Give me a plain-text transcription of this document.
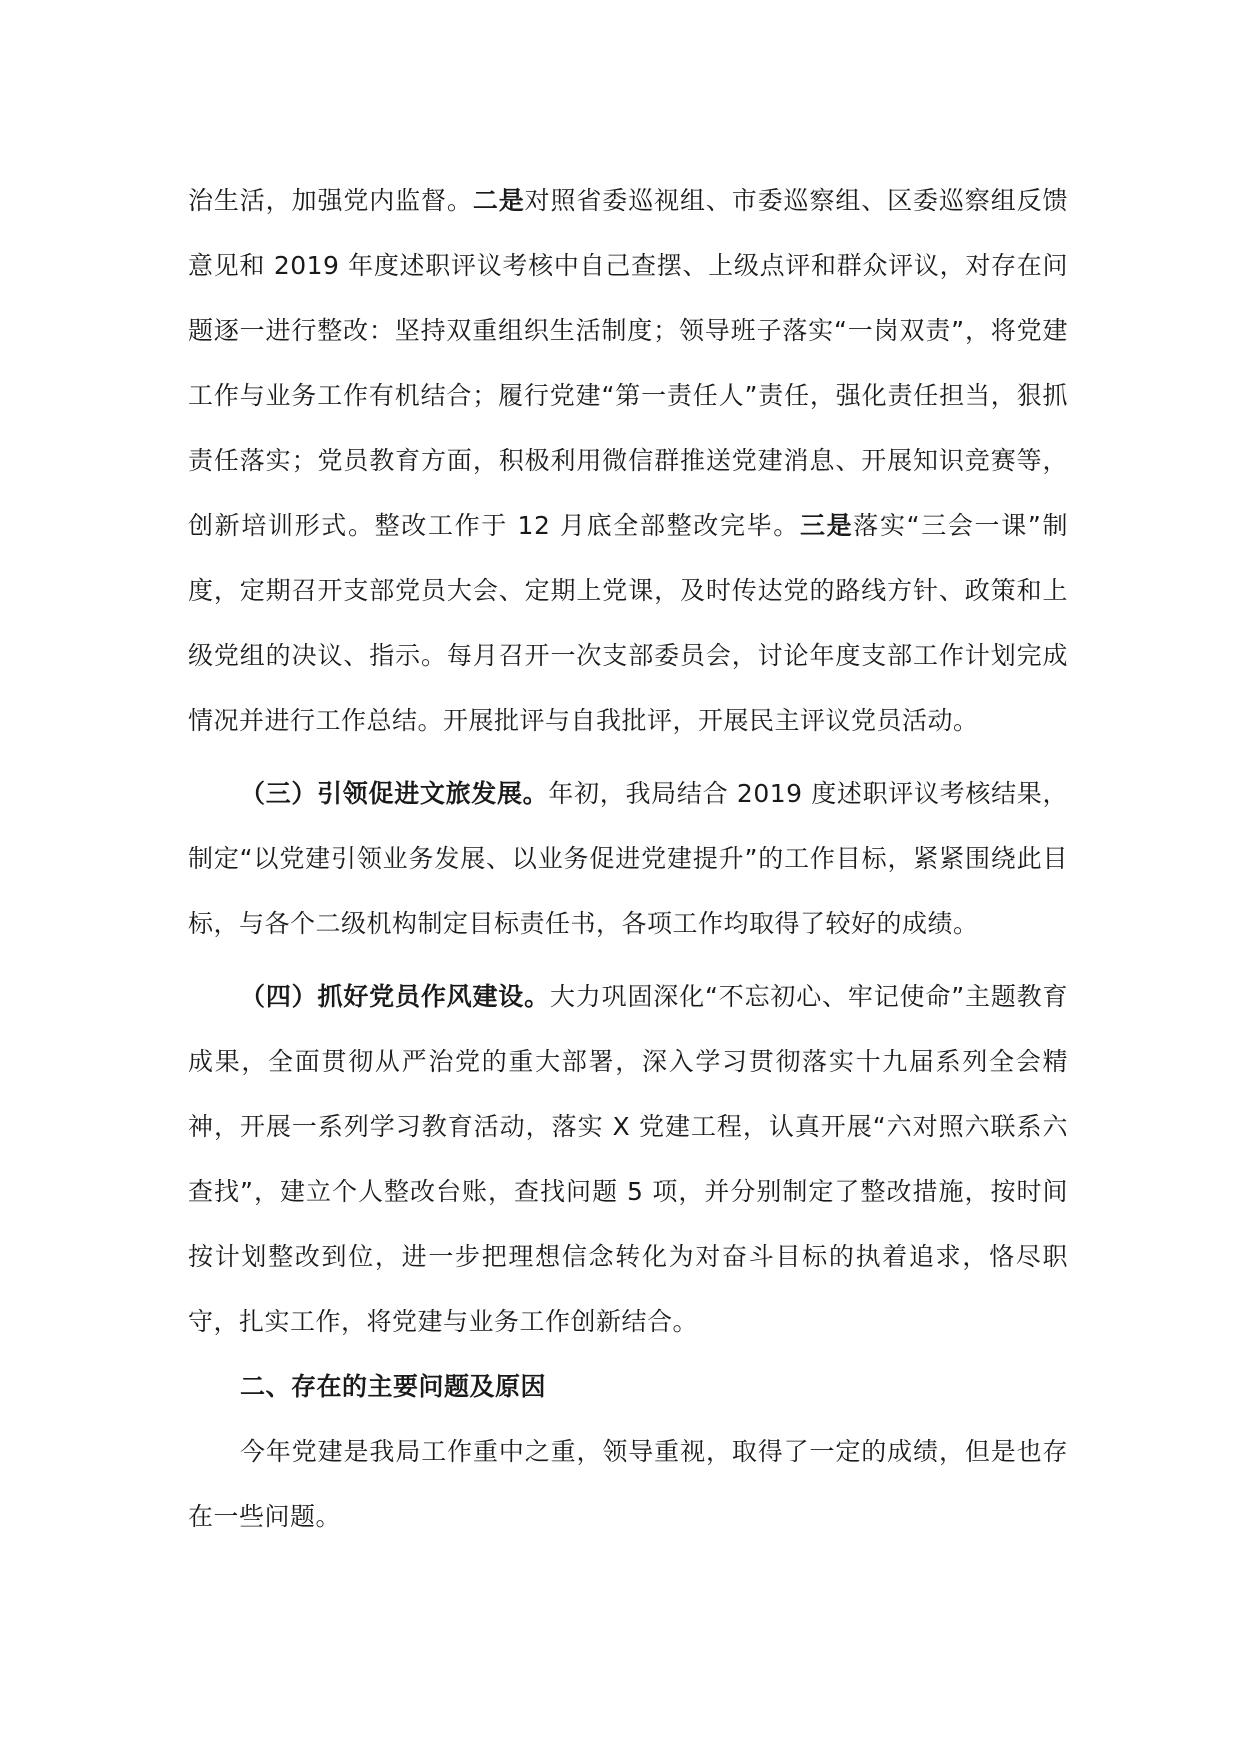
治生活，加强党内监督。二是对照省委巡视组、市委巡察组、区委巡察组反馈意见和 2019 年度述职评议考核中自己查摆、上级点评和群众评议，对存在问题逐一进行整改：坚持双重组织生活制度；领导班子落实“一岗双责”，将党建工作与业务工作有机结合；履行党建“第一责任人”责任，强化责任担当，狠抓责任落实；党员教育方面，积极利用微信群推送党建消息、开展知识竞赛等，创新培训形式。整改工作于 12 月底全部整改完毕。三是落实“三会一课”制度，定期召开支部党员大会、定期上党课，及时传达党的路线方针、政策和上级党组的决议、指示。每月召开一次支部委员会，讨论年度支部工作计划完成情况并进行工作总结。开展批评与自我批评，开展民主评议党员活动。

（三）引领促进文旅发展。年初，我局结合 2019 度述职评议考核结果，制定“以党建引领业务发展、以业务促进党建提升”的工作目标，紧紧围绕此目标，与各个二级机构制定目标责任书，各项工作均取得了较好的成绩。

（四）抓好党员作风建设。大力巩固深化“不忘初心、牢记使命”主题教育成果，全面贯彻从严治党的重大部署，深入学习贯彻落实十九届系列全会精神，开展一系列学习教育活动，落实 X 党建工程，认真开展“六对照六联系六查找”，建立个人整改台账，查找问题 5 项，并分别制定了整改措施，按时间按计划整改到位，进一步把理想信念转化为对奋斗目标的执着追求，恪尽职守，扎实工作，将党建与业务工作创新结合。

二、存在的主要问题及原因

今年党建是我局工作重中之重，领导重视，取得了一定的成绩，但是也存在一些问题。
